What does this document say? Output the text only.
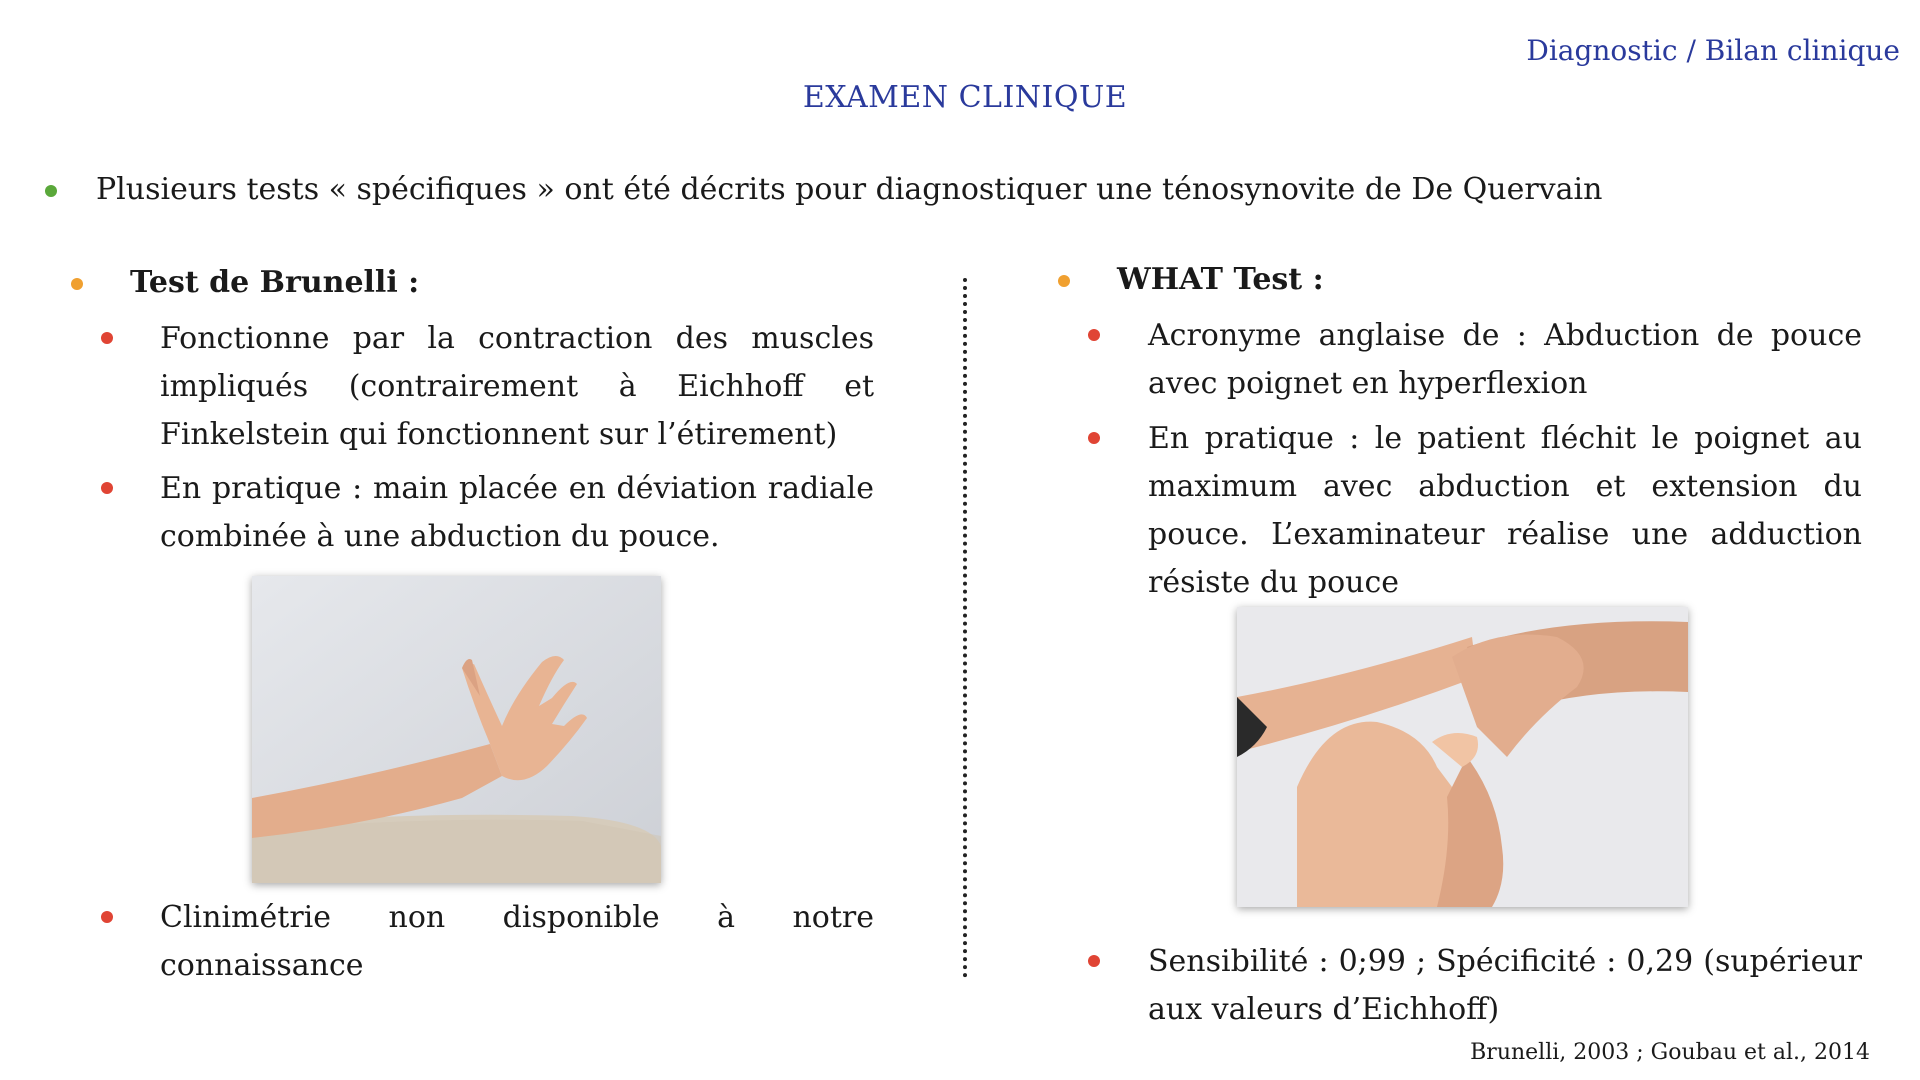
Diagnostic / Bilan clinique
EXAMEN CLINIQUE
Plusieurs tests « spécifiques » ont été décrits pour diagnostiquer une ténosynovite de De Quervain
Test de Brunelli :
Fonctionne par la contraction des muscles impliqués (contrairement à Eichhoff et Finkelstein qui fonctionnent sur l’étirement)
En pratique : main placée en déviation radiale combinée à une abduction du pouce.
Clinimétrie non disponible à notre connaissance
WHAT Test :
Acronyme anglaise de : Abduction de pouce avec poignet en hyperflexion
En pratique : le patient fléchit le poignet au maximum avec abduction et extension du pouce. L’examinateur réalise une adduction résiste du pouce
Sensibilité : 0;99 ; Spécificité : 0,29 (supérieur aux valeurs d’Eichhoff)
Brunelli, 2003 ; Goubau et al., 2014
